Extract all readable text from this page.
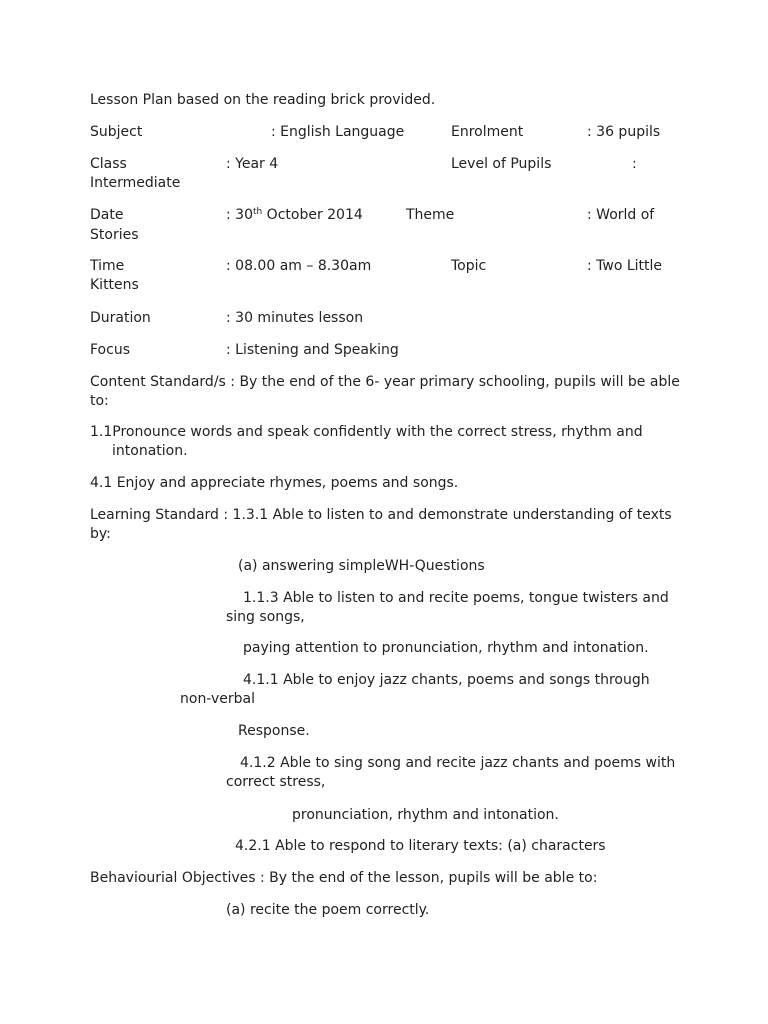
Lesson Plan based on the reading brick provided.
Subject	: English Language	Enrolment	: 36 pupils
Class	: Year 4	Level of Pupils	:
Intermediate
Date	: 30th October 2014	Theme	: World of
Stories
Time	: 08.00 am – 8.30am	Topic	: Two Little
Kittens
Duration	: 30 minutes lesson
Focus	: Listening and Speaking
Content Standard/s : By the end of the 6- year primary schooling, pupils will be able
to:
1.1Pronounce words and speak confidently with the correct stress, rhythm and
intonation.
4.1 Enjoy and appreciate rhymes, poems and songs.
Learning Standard : 1.3.1 Able to listen to and demonstrate understanding of texts
by:
(a) answering simpleWH-Questions
1.1.3 Able to listen to and recite poems, tongue twisters and
sing songs,
paying attention to pronunciation, rhythm and intonation.
4.1.1 Able to enjoy jazz chants, poems and songs through
non-verbal
Response.
4.1.2 Able to sing song and recite jazz chants and poems with
correct stress,
pronunciation, rhythm and intonation.
4.2.1 Able to respond to literary texts: (a) characters
Behaviourial Objectives : By the end of the lesson, pupils will be able to:
(a) recite the poem correctly.
